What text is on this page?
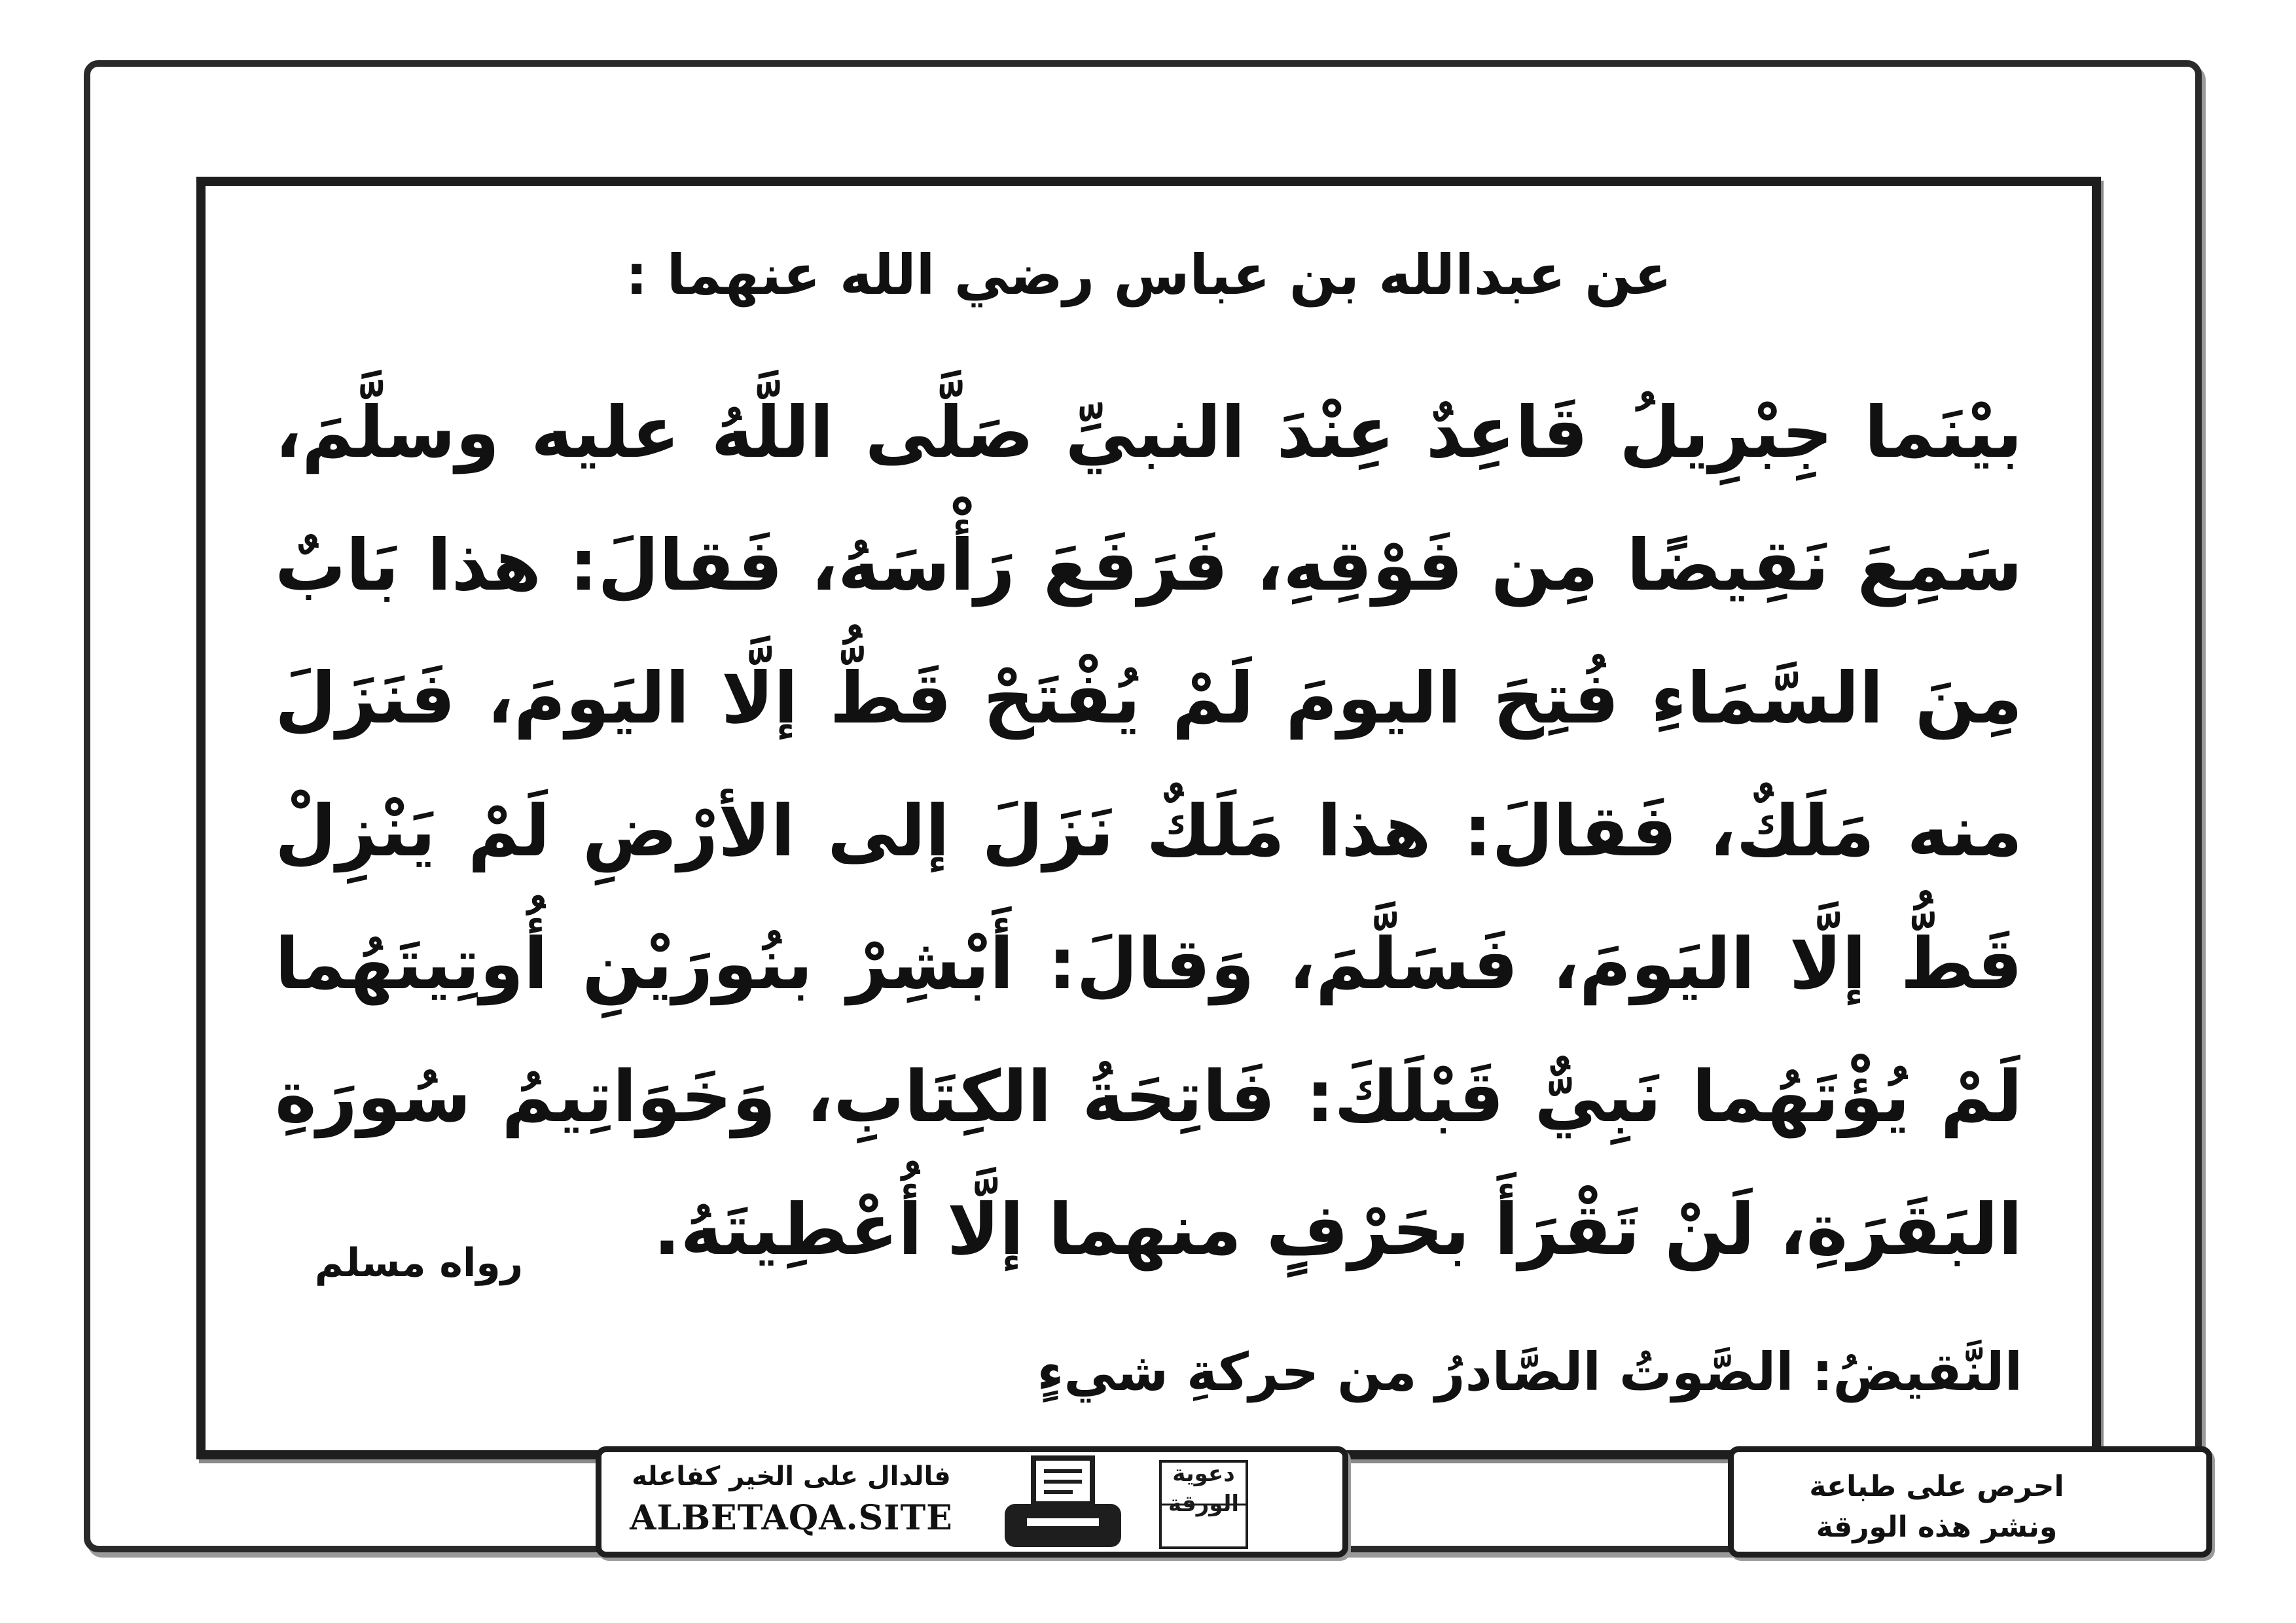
عن عبدالله بن عباس رضي الله عنهما :
بيْنَما جِبْرِيلُ قَاعِدٌ عِنْدَ النبيِّ صَلَّى اللَّهُ عليه وسلَّمَ، سَمِعَ نَقِيضًا مِن فَوْقِهِ، فَرَفَعَ رَأْسَهُ، فَقالَ: هذا بَابٌ مِنَ السَّمَاءِ فُتِحَ اليومَ لَمْ يُفْتَحْ قَطُّ إلَّا اليَومَ، فَنَزَلَ منه مَلَكٌ، فَقالَ: هذا مَلَكٌ نَزَلَ إلى الأرْضِ لَمْ يَنْزِلْ قَطُّ إلَّا اليَومَ، فَسَلَّمَ، وَقالَ: أَبْشِرْ بنُورَيْنِ أُوتِيتَهُما لَمْ يُؤْتَهُما نَبِيٌّ قَبْلَكَ: فَاتِحَةُ الكِتَابِ، وَخَوَاتِيمُ سُورَةِ البَقَرَةِ، لَنْ تَقْرَأَ بحَرْفٍ منهما إلَّا أُعْطِيتَهُ.
رواه مسلم
النَّقيضُ: الصَّوتُ الصَّادرُ من حركةِ شيءٍ
فالدال على الخير كفاعله
ALBETAQA.SITE
دعوية الورقة
احرص على طباعة
ونشر هذه الورقة
